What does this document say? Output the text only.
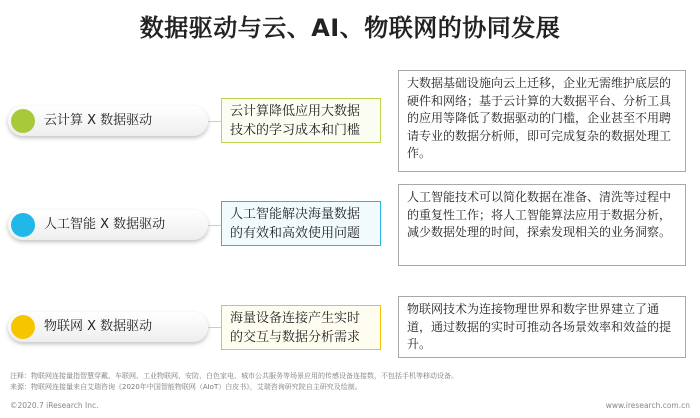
数据驱动与云、AI、物联网的协同发展
云计算 X 数据驱动
云计算降低应用大数据技术的学习成本和门槛
大数据基础设施向云上迁移，企业无需维护底层的硬件和网络；基于云计算的大数据平台、分析工具的应用等降低了数据驱动的门槛，企业甚至不用聘请专业的数据分析师，即可完成复杂的数据处理工作。
人工智能 X 数据驱动
人工智能解决海量数据的有效和高效使用问题
人工智能技术可以简化数据在准备、清洗等过程中的重复性工作；将人工智能算法应用于数据分析，减少数据处理的时间，探索发现相关的业务洞察。
物联网 X 数据驱动
海量设备连接产生实时的交互与数据分析需求
物联网技术为连接物理世界和数字世界建立了通道，通过数据的实时可推动各场景效率和效益的提升。
注释：物联网连接量指智慧穿戴、车联网、工业物联网、安防、白色家电、城市公共服务等场景应用的传感设备连接数，不包括手机等移动设备。
来源：物联网连接量来自艾瑞咨询《2020年中国智能物联网（AIoT）白皮书》，艾瑞咨询研究院自主研究及绘制。
©2020.7 iResearch Inc.	www.iresearch.com.cn
